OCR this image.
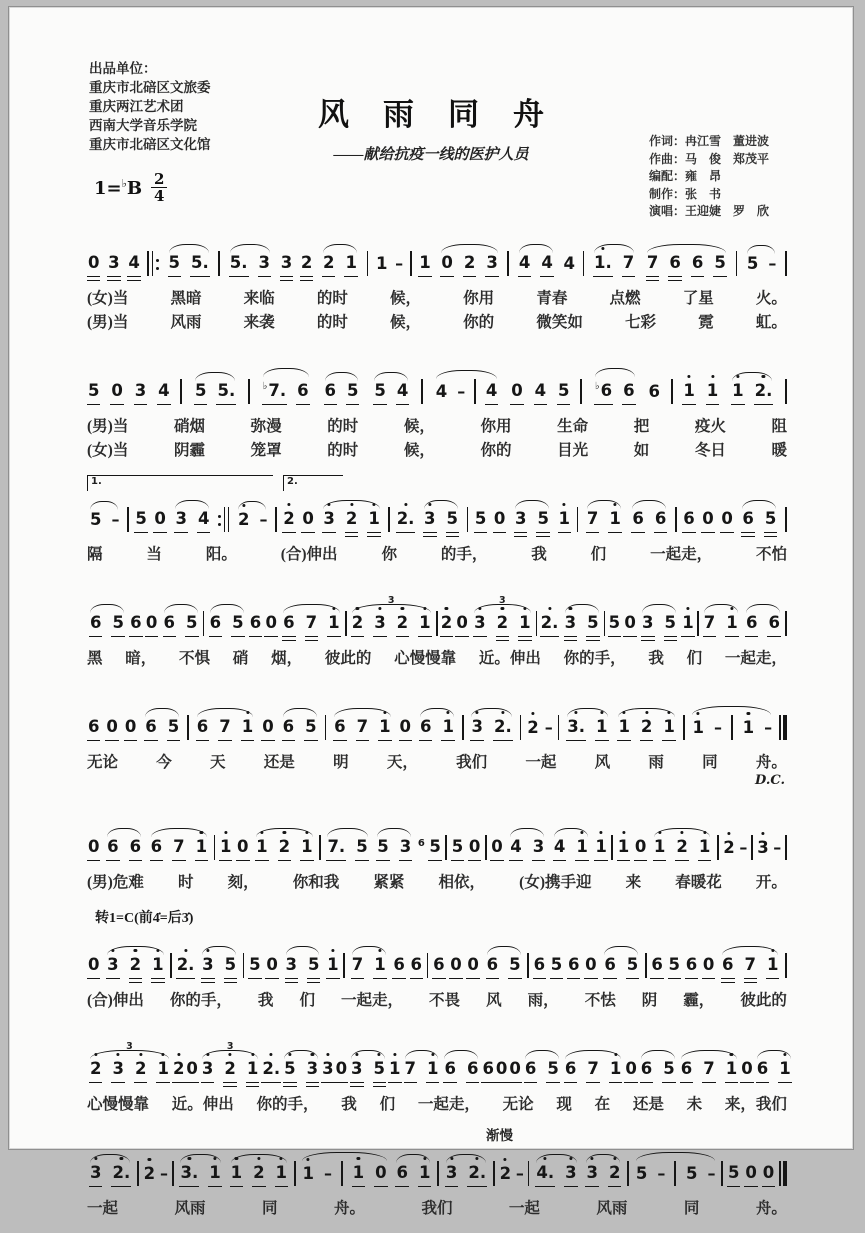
出品单位：
重庆市北碚区文旅委
重庆两江艺术团
西南大学音乐学院
重庆市北碚区文化馆
风雨同舟
——献给抗疫一线的医护人员
作词：冉江雪　董进波
作曲：马　俊　郑茂平
编配：雍　昂
制作：张　书
演唱：王迎婕　罗　欣
$1=^♭B \frac{2}{4}$
0 3 4 5 5. 5. 3 3 2 2 1 1 – 1 0 2 3 4 4 4 1. 7 7 6 6 5 5 –
(女)当	黑暗	来临	的时	候，	你用	青春	点燃	了星	火。
(男)当	风雨	来袭	的时	候，	你的	微笑如	七彩	霓	虹。
5 0 3 4 5 5.	♭7. 6 6 5 5 4 4 – 4 0 4 5	♭6 6 6 1 1 1 2.
(男)当	硝烟	弥漫	的时	候，	你用	生命	把	疫火	阻
(女)当	阴霾	笼罩	的时	候，	你的	目光	如	冬日	暖
1.	2.
5 – 5 0 3 4 2 – 2 0 3 2 1 2. 3 5 5 0 3 5 1 7 1 6 6 6 0 0 6 5
隔	当	阳。	(合)伸出	你	的手，	我	们	一起走，	不怕
6 5 6 0 6 5 6 5 6 0 6 7 1 2 3 2 1
3 2 0 3 2 1
3 2. 3 5 5 0 3 5 1 7 1 6 6
黑 暗， 不惧 硝 烟， 彼此的 心慢慢靠 近。伸出 你的手， 我 们 一起走，
6 0 0 6 5 6 7 1 0 6 5 6 7 1 0 6 1 3 2. 2 – 3. 1 1 2 1 1 – 1 –
无论 今 天 还是 明 天， 我们 一起 风 雨 同 舟。
D.C.
0 6 6 6 7 1 1 0 1 2 1 7. 5 5 3 6 5 5 0 0 4 3 4 1 1 1 0 1 2 1 2 – 3 –
(男)危难 时 刻， 你和我 紧紧 相依， (女)携手迎 来 春暖花 开。
转1=C(前4̇=后3̇)
0 3 2 1 2. 3 5 5 0 3 5 1 7 1 6 6 6 0 0 6 5 6 5 6 0 6 5 6 5 6 0 6 7 1
(合)伸出 你的手， 我 们 一起走， 不畏 风 雨， 不怯 阴 霾， 彼此的
2 3 2 1
3 2 0 3 2 1
3 2. 5 3 3 0 3 5 1 7 1 6 6 6 0 0 6 5 6 7 1 0 6 5 6 7 1 0 6 1
心慢慢靠 近。伸出 你的手， 我 们 一起走， 无论 现 在 还是 未 来，我们
渐慢
3 2. 2 – 3. 1 1 2 1 1 – 1 0 6 1 3 2. 2 – 4. 3 3 2 5 – 5 – 5 0 0
一起	风雨	同	舟。	我们	一起	风雨	同	舟。
